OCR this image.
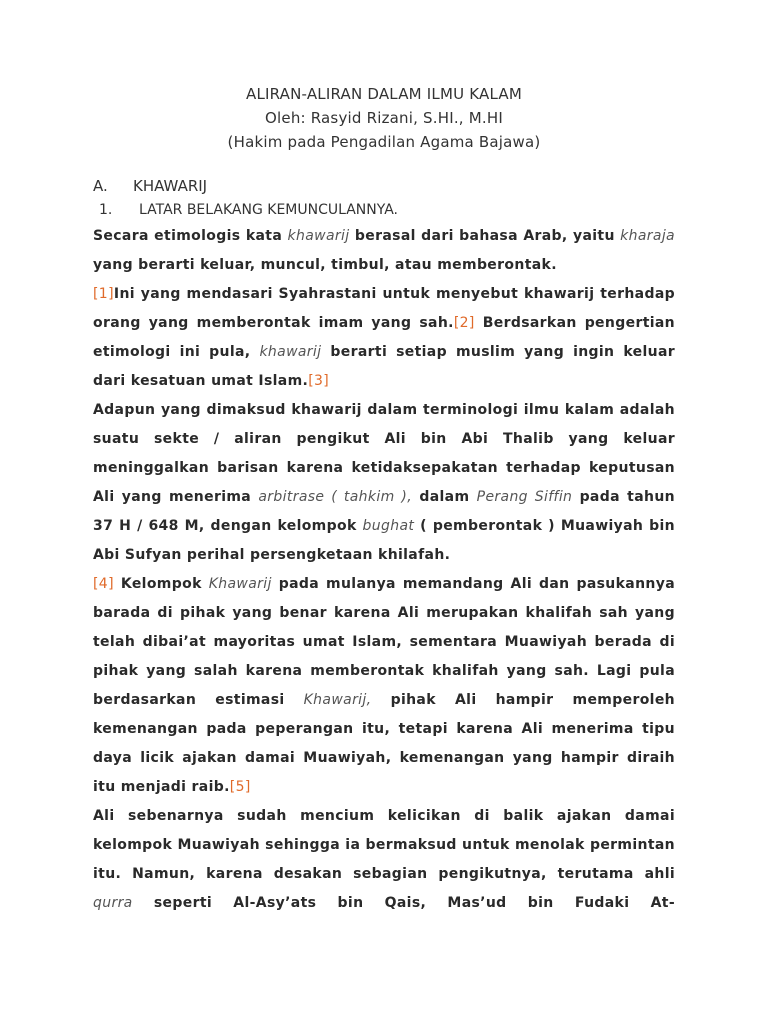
ALIRAN-ALIRAN DALAM ILMU KALAM
Oleh: Rasyid Rizani, S.HI., M.HI
(Hakim pada Pengadilan Agama Bajawa)
A.	KHAWARIJ
1.	LATAR BELAKANG KEMUNCULANNYA.

Secara etimologis kata khawarij berasal dari bahasa Arab, yaitu kharaja yang berarti keluar, muncul, timbul, atau memberontak.
[1]Ini yang mendasari Syahrastani untuk menyebut khawarij terhadap orang yang memberontak imam yang sah.[2] Berdsarkan pengertian etimologi ini pula, khawarij berarti setiap muslim yang ingin keluar dari kesatuan umat Islam.[3]

Adapun yang dimaksud khawarij dalam terminologi ilmu kalam adalah suatu sekte / aliran pengikut Ali bin Abi Thalib yang keluar meninggalkan barisan karena ketidaksepakatan terhadap keputusan Ali yang menerima arbitrase ( tahkim ), dalam Perang Siffin pada tahun 37 H / 648 M, dengan kelompok bughat ( pemberontak ) Muawiyah bin Abi Sufyan perihal persengketaan khilafah.
[4] Kelompok Khawarij pada mulanya memandang Ali dan pasukannya barada di pihak yang benar karena Ali merupakan khalifah sah yang telah dibai’at mayoritas umat Islam, sementara Muawiyah berada di pihak yang salah karena memberontak khalifah yang sah. Lagi pula berdasarkan estimasi Khawarij, pihak Ali hampir memperoleh kemenangan pada peperangan itu, tetapi karena Ali menerima tipu daya licik ajakan damai Muawiyah, kemenangan yang hampir diraih itu menjadi raib.[5]

Ali sebenarnya sudah mencium kelicikan di balik ajakan damai kelompok Muawiyah sehingga ia bermaksud untuk menolak permintan itu. Namun, karena desakan sebagian pengikutnya, terutama ahli qurra seperti Al-Asy’ats bin Qais, Mas’ud bin Fudaki At-
